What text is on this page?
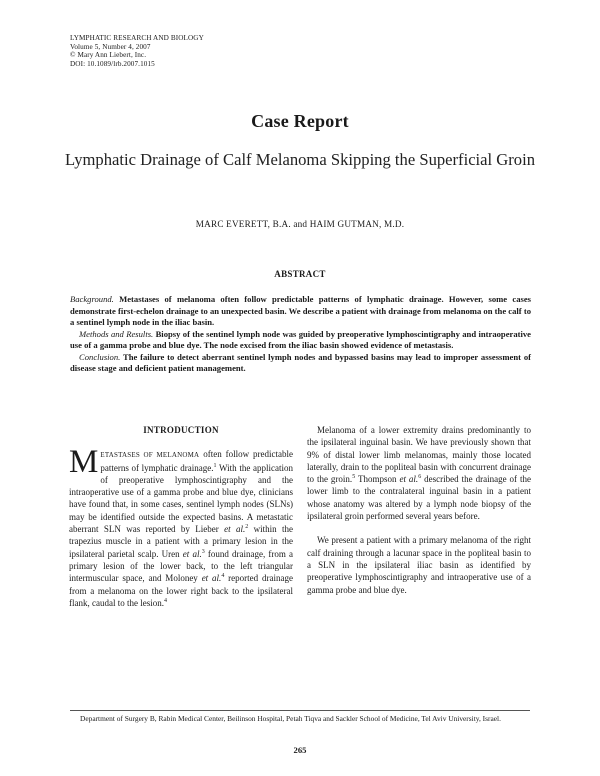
LYMPHATIC RESEARCH AND BIOLOGY
Volume 5, Number 4, 2007
© Mary Ann Liebert, Inc.
DOI: 10.1089/lrb.2007.1015
Case Report
Lymphatic Drainage of Calf Melanoma Skipping the Superficial Groin
MARC EVERETT, B.A. and HAIM GUTMAN, M.D.
ABSTRACT

Background. Metastases of melanoma often follow predictable patterns of lymphatic drainage. However, some cases demonstrate first-echelon drainage to an unexpected basin. We describe a patient with drainage from melanoma on the calf to a sentinel lymph node in the iliac basin.

Methods and Results. Biopsy of the sentinel lymph node was guided by preoperative lymphoscintigraphy and intraoperative use of a gamma probe and blue dye. The node excised from the iliac basin showed evidence of metastasis.

Conclusion. The failure to detect aberrant sentinel lymph nodes and bypassed basins may lead to improper assessment of disease stage and deficient patient management.

INTRODUCTION

METASTASES OF MELANOMA often follow predictable patterns of lymphatic drainage.$^1$ With the application of preoperative lymphoscintigraphy and the intraoperative use of a gamma probe and blue dye, clinicians have found that, in some cases, sentinel lymph nodes (SLNs) may be identified outside the expected basins. A metastatic aberrant SLN was reported by Lieber et al.$^2$ within the trapezius muscle in a patient with a primary lesion in the ipsilateral parietal scalp. Uren et al.$^3$ found drainage, from a primary lesion of the lower back, to the left triangular intermuscular space, and Moloney et al.$^4$ reported drainage from a melanoma on the lower right back to the ipsilateral flank, caudal to the lesion.$^4$

Melanoma of a lower extremity drains predominantly to the ipsilateral inguinal basin. We have previously shown that 9% of distal lower limb melanomas, mainly those located laterally, drain to the popliteal basin with concurrent drainage to the groin.$^5$ Thompson et al.$^6$ described the drainage of the lower limb to the contralateral inguinal basin in a patient whose anatomy was altered by a lymph node biopsy of the ipsilateral groin performed several years before.

We present a patient with a primary melanoma of the right calf draining through a lacunar space in the popliteal basin to a SLN in the ipsilateral iliac basin as identified by preoperative lymphoscintigraphy and intraoperative use of a gamma probe and blue dye.

Department of Surgery B, Rabin Medical Center, Beilinson Hospital, Petah Tiqva and Sackler School of Medicine, Tel Aviv University, Israel.

265
